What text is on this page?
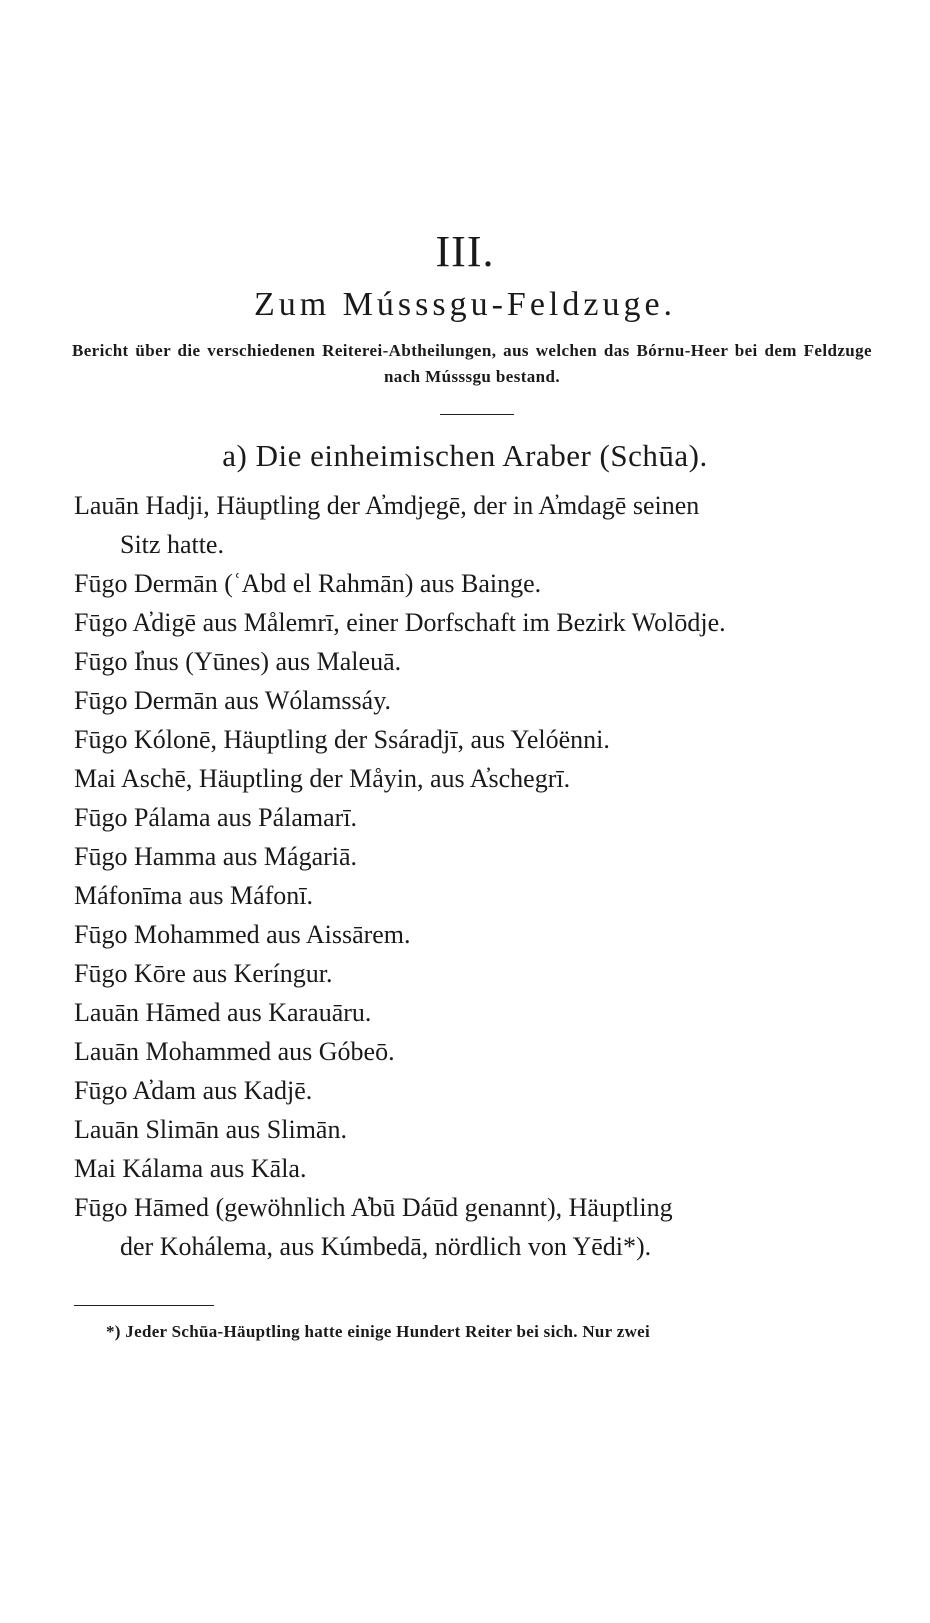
III.
Zum Músssgu-Feldzuge.
Bericht über die verschiedenen Reiterei-Abtheilungen, aus welchen das Bórnu-Heer bei dem Feldzuge nach Músssgu bestand.
a) Die einheimischen Araber (Schūa).
Lauān Hadji, Häuptling der A̓mdjegē, der in A̓mdagē seinen
Sitz hatte.
Fūgo Dermān (ʿAbd el Rahmān) aus Bainge.
Fūgo A̓digē aus Målemrī, einer Dorfschaft im Bezirk Wolōdje.
Fūgo I̓nus (Yūnes) aus Maleuā.
Fūgo Dermān aus Wólamssáy.
Fūgo Kólonē, Häuptling der Ssáradjī, aus Yelóënni.
Mai Aschē, Häuptling der Måyin, aus A̓schegrī.
Fūgo Pálama aus Pálamarī.
Fūgo Hamma aus Mágariā.
Máfonīma aus Máfonī.
Fūgo Mohammed aus Aissārem.
Fūgo Kōre aus Keríngur.
Lauān Hāmed aus Karauāru.
Lauān Mohammed aus Góbeō.
Fūgo A̓dam aus Kadjē.
Lauān Slimān aus Slimān.
Mai Kálama aus Kāla.
Fūgo Hāmed (gewöhnlich A̓bū Dáūd genannt), Häuptling
der Kohálema, aus Kúmbedā, nördlich von Yēdi*).
*) Jeder Schūa-Häuptling hatte einige Hundert Reiter bei sich. Nur zwei
